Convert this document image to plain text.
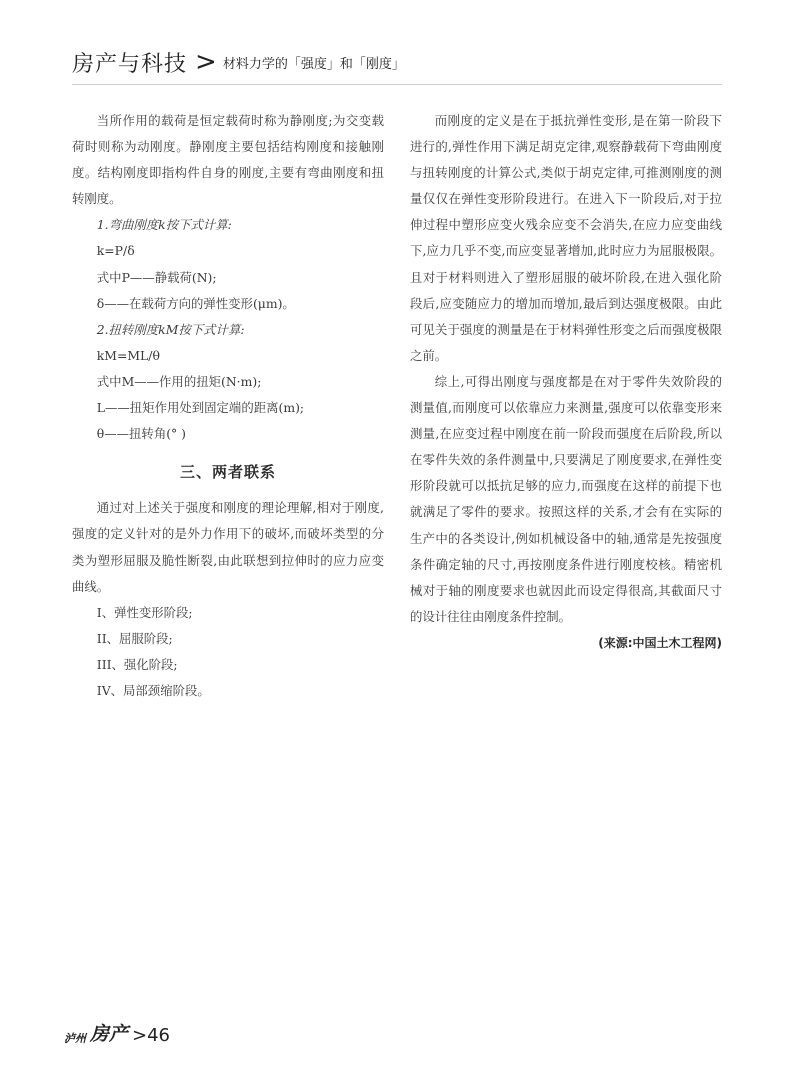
房产与科技 > 材料力学的「强度」和「刚度」

当所作用的载荷是恒定载荷时称为静刚度;为交变载荷时则称为动刚度。静刚度主要包括结构刚度和接触刚度。结构刚度即指构件自身的刚度,主要有弯曲刚度和扭转刚度。

1.弯曲刚度k按下式计算:

k=P/δ

式中P——静载荷(N);

δ——在载荷方向的弹性变形(μm)。

2.扭转刚度kM按下式计算:

kM=ML/θ

式中M——作用的扭矩(N·m);

L——扭矩作用处到固定端的距离(m);

θ——扭转角(° )

三、两者联系

通过对上述关于强度和刚度的理论理解,相对于刚度,强度的定义针对的是外力作用下的破坏,而破坏类型的分类为塑形屈服及脆性断裂,由此联想到拉伸时的应力应变曲线。

I、弹性变形阶段;

II、屈服阶段;

III、强化阶段;

IV、局部颈缩阶段。

而刚度的定义是在于抵抗弹性变形,是在第一阶段下进行的,弹性作用下满足胡克定律,观察静载荷下弯曲刚度与扭转刚度的计算公式,类似于胡克定律,可推测刚度的测量仅仅在弹性变形阶段进行。在进入下一阶段后,对于拉伸过程中塑形应变火残余应变不会消失,在应力应变曲线下,应力几乎不变,而应变显著增加,此时应力为屈服极限。且对于材料则进入了塑形屈服的破坏阶段,在进入强化阶段后,应变随应力的增加而增加,最后到达强度极限。由此可见关于强度的测量是在于材料弹性形变之后而强度极限之前。

综上,可得出刚度与强度都是在对于零件失效阶段的测量值,而刚度可以依靠应力来测量,强度可以依靠变形来测量,在应变过程中刚度在前一阶段而强度在后阶段,所以在零件失效的条件测量中,只要满足了刚度要求,在弹性变形阶段就可以抵抗足够的应力,而强度在这样的前提下也就满足了零件的要求。按照这样的关系,才会有在实际的生产中的各类设计,例如机械设备中的轴,通常是先按强度条件确定轴的尺寸,再按刚度条件进行刚度校核。精密机械对于轴的刚度要求也就因此而设定得很高,其截面尺寸的设计往往由刚度条件控制。

(来源:中国土木工程网)

泸州 房产 >46
